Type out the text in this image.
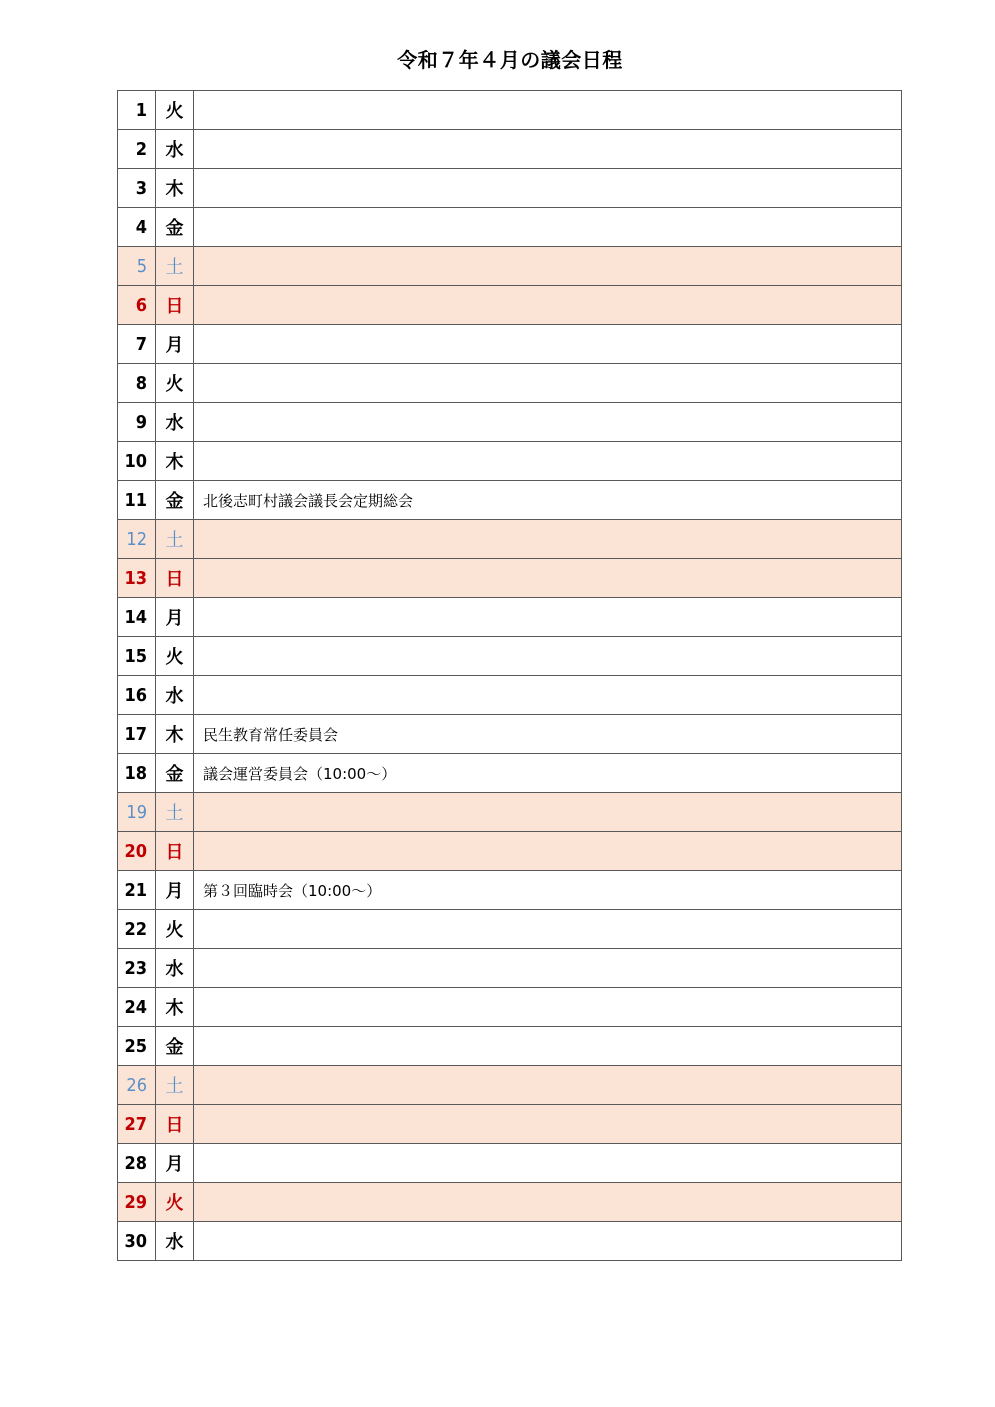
令和７年４月の議会日程
1	火	
2	水	
3	木	
4	金	
5	土	
6	日	
7	月	
8	火	
9	水	
10	木	
11	金	北後志町村議会議長会定期総会
12	土	
13	日	
14	月	
15	火	
16	水	
17	木	民生教育常任委員会
18	金	議会運営委員会（10:00～）
19	土	
20	日	
21	月	第３回臨時会（10:00～）
22	火	
23	水	
24	木	
25	金	
26	土	
27	日	
28	月	
29	火	
30	水	
